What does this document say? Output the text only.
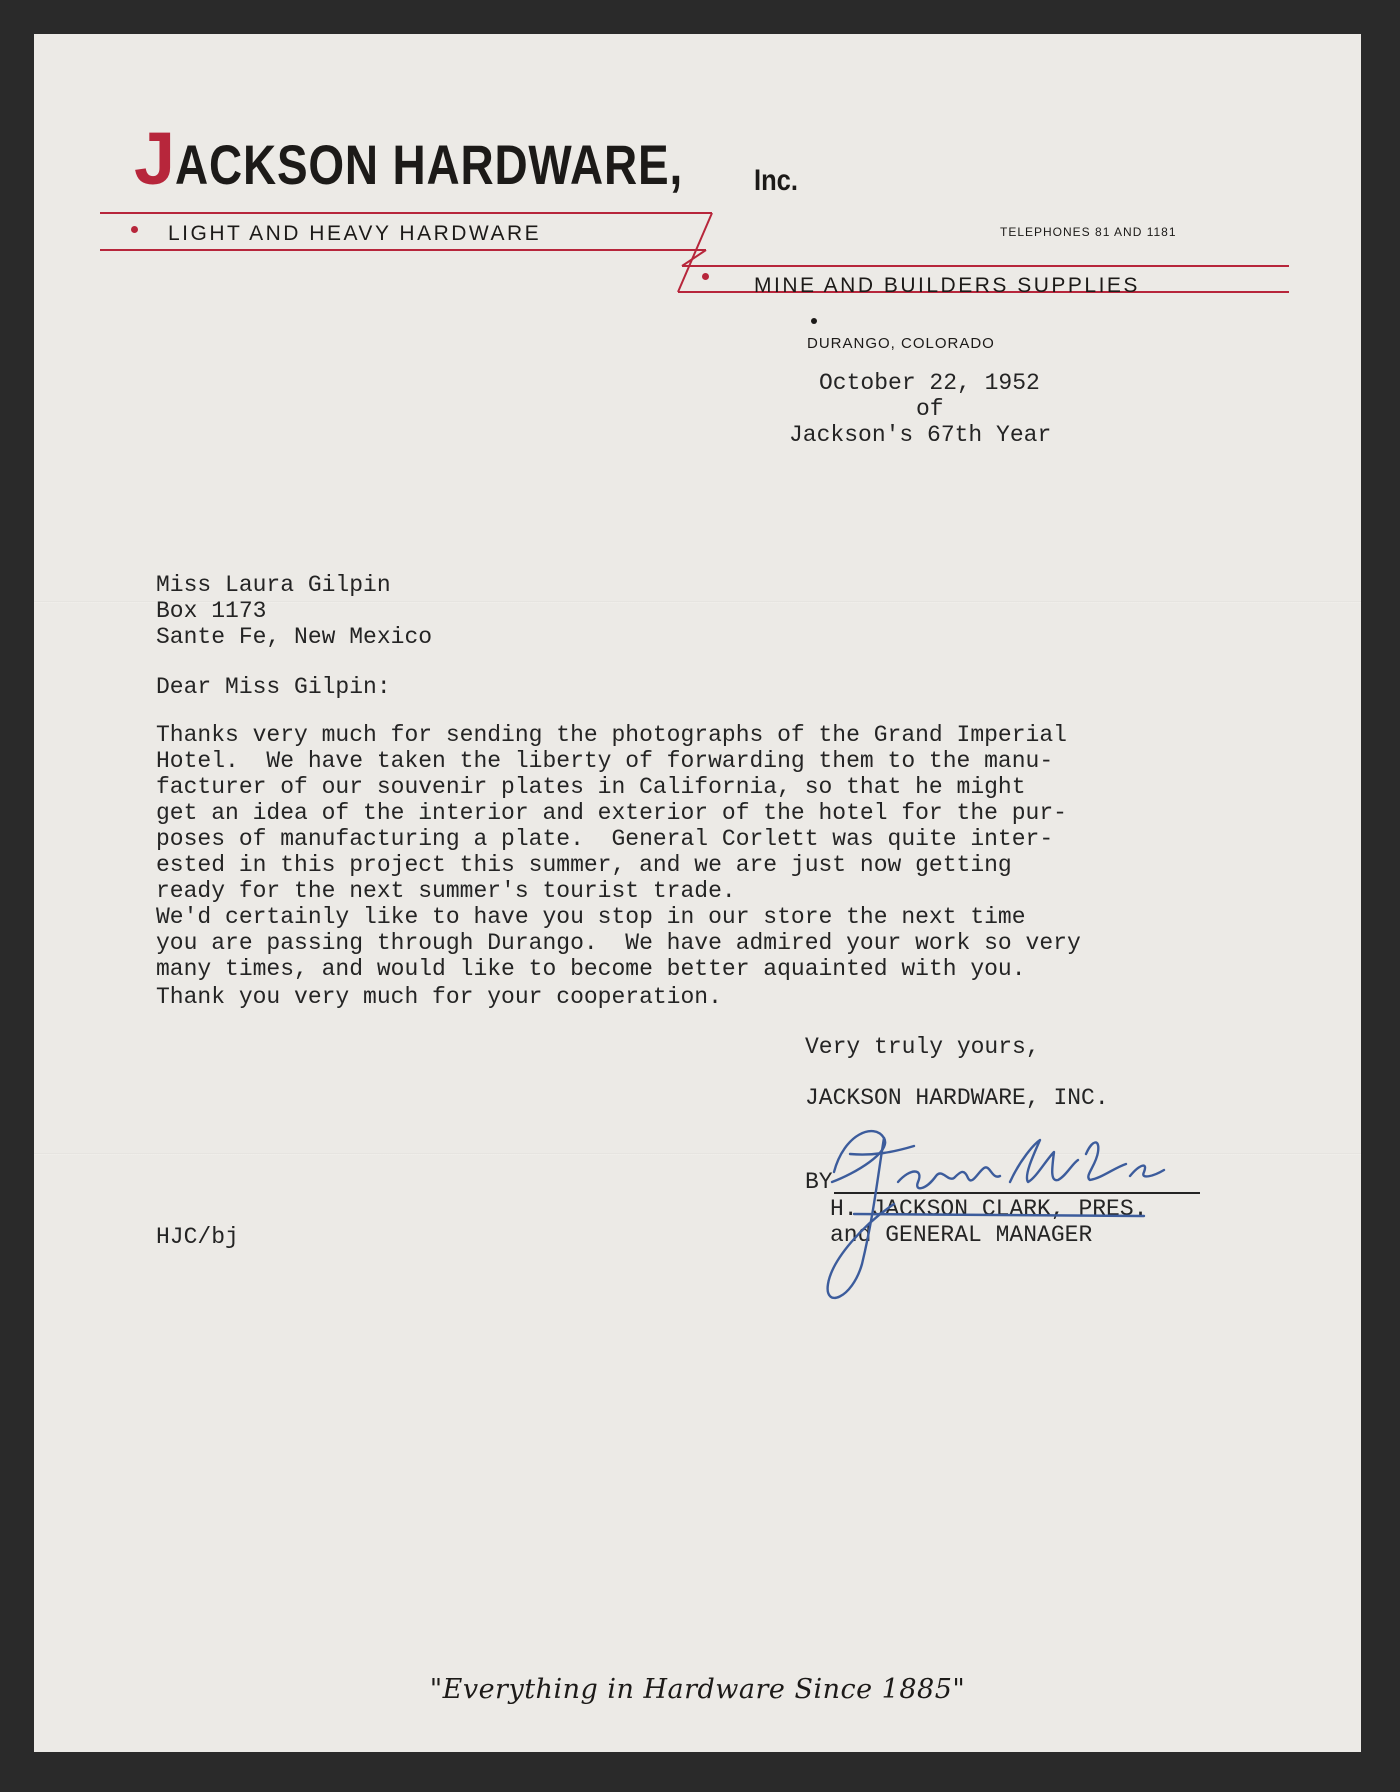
JACKSON HARDWARE, Inc.
LIGHT AND HEAVY HARDWARE	TELEPHONES 81 AND 1181
MINE AND BUILDERS SUPPLIES
DURANGO, COLORADO
October 22, 1952
of
Jackson's 67th Year
Miss Laura Gilpin
Box 1173
Sante Fe, New Mexico
Dear Miss Gilpin:
Thanks very much for sending the photographs of the Grand Imperial
Hotel.  We have taken the liberty of forwarding them to the manu-
facturer of our souvenir plates in California, so that he might
get an idea of the interior and exterior of the hotel for the pur-
poses of manufacturing a plate.  General Corlett was quite inter-
ested in this project this summer, and we are just now getting
ready for the next summer's tourist trade.
We'd certainly like to have you stop in our store the next time
you are passing through Durango.  We have admired your work so very
many times, and would like to become better aquainted with you.
Thank you very much for your cooperation.
Very truly yours,
JACKSON HARDWARE, INC.
BY
H. JACKSON CLARK, PRES.
and GENERAL MANAGER
HJC/bj
"Everything in Hardware Since 1885"
